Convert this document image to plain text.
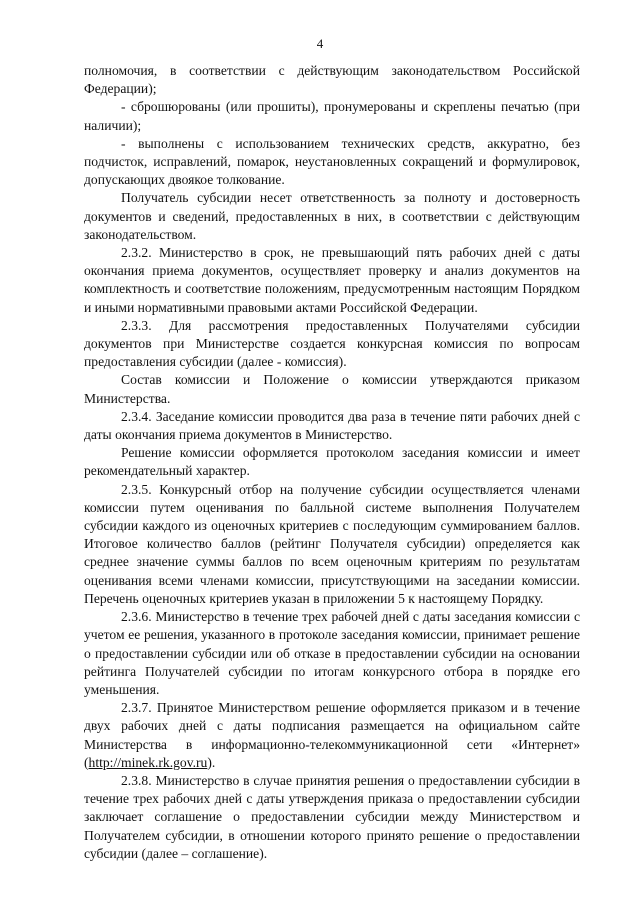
4

полномочия, в соответствии с действующим законодательством Российской Федерации);

- сброшюрованы (или прошиты), пронумерованы и скреплены печатью (при наличии);

- выполнены с использованием технических средств, аккуратно, без подчисток, исправлений, помарок, неустановленных сокращений и формулировок, допускающих двоякое толкование.

Получатель субсидии несет ответственность за полноту и достоверность документов и сведений, предоставленных в них, в соответствии с действующим законодательством.

2.3.2. Министерство в срок, не превышающий пять рабочих дней с даты окончания приема документов, осуществляет проверку и анализ документов на комплектность и соответствие положениям, предусмотренным настоящим Порядком и иными нормативными правовыми актами Российской Федерации.

2.3.3. Для рассмотрения предоставленных Получателями субсидии документов при Министерстве создается конкурсная комиссия по вопросам предоставления субсидии (далее - комиссия).

Состав комиссии и Положение о комиссии утверждаются приказом Министерства.

2.3.4. Заседание комиссии проводится два раза в течение пяти рабочих дней с даты окончания приема документов в Министерство.

Решение комиссии оформляется протоколом заседания комиссии и имеет рекомендательный характер.

2.3.5. Конкурсный отбор на получение субсидии осуществляется членами комиссии путем оценивания по балльной системе выполнения Получателем субсидии каждого из оценочных критериев с последующим суммированием баллов. Итоговое количество баллов (рейтинг Получателя субсидии) определяется как среднее значение суммы баллов по всем оценочным критериям по результатам оценивания всеми членами комиссии, присутствующими на заседании комиссии. Перечень оценочных критериев указан в приложении 5 к настоящему Порядку.

2.3.6. Министерство в течение трех рабочей дней с даты заседания комиссии с учетом ее решения, указанного в протоколе заседания комиссии, принимает решение о предоставлении субсидии или об отказе в предоставлении субсидии на основании рейтинга Получателей субсидии по итогам конкурсного отбора в порядке его уменьшения.

2.3.7. Принятое Министерством решение оформляется приказом и в течение двух рабочих дней с даты подписания размещается на официальном сайте Министерства в информационно-телекоммуникационной сети «Интернет» (http://minek.rk.gov.ru).

2.3.8. Министерство в случае принятия решения о предоставлении субсидии в течение трех рабочих дней с даты утверждения приказа о предоставлении субсидии заключает соглашение о предоставлении субсидии между Министерством и Получателем субсидии, в отношении которого принято решение о предоставлении субсидии (далее – соглашение).
